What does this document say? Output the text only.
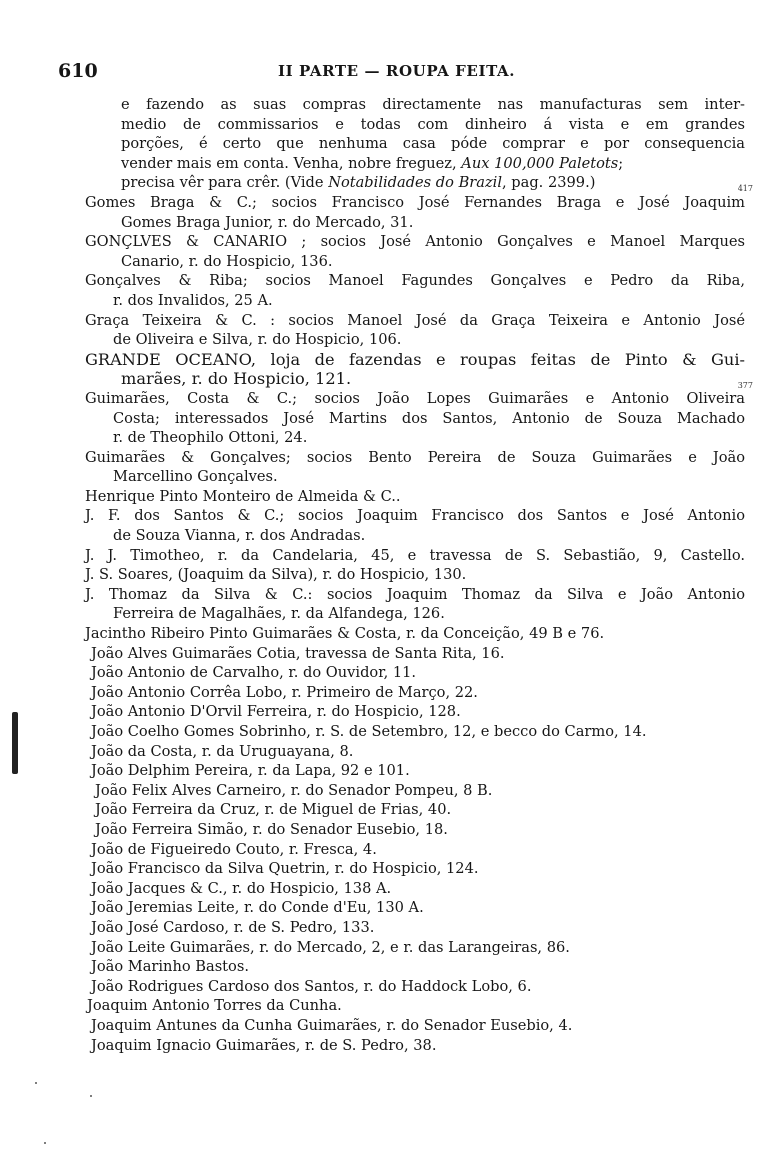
610	II PARTE — ROUPA FEITA.
e fazendo as suas compras directamente nas manufacturas sem inter-
medio de commissarios e todas com dinheiro á vista e em grandes
porções, é certo que nenhuma casa póde comprar e por consequencia
vender mais em conta. Venha, nobre freguez, Aux 100,000 Paletots;
precisa vêr para crêr. (Vide Notabilidades do Brazil, pag. 2399.)	417
Gomes Braga & C.; socios Francisco José Fernandes Braga e José Joaquim
Gomes Braga Junior, r. do Mercado, 31.
GONÇLVES & CANARIO ; socios José Antonio Gonçalves e Manoel Marques
Canario, r. do Hospicio, 136.
Gonçalves & Riba; socios Manoel Fagundes Gonçalves e Pedro da Riba,
r. dos Invalidos, 25 A.
Graça Teixeira & C. : socios Manoel José da Graça Teixeira e Antonio José
de Oliveira e Silva, r. do Hospicio, 106.
GRANDE OCEANO, loja de fazendas e roupas feitas de Pinto & Gui-
marães, r. do Hospicio, 121.	377
Guimarães, Costa & C.; socios João Lopes Guimarães e Antonio Oliveira
Costa; interessados José Martins dos Santos, Antonio de Souza Machado
r. de Theophilo Ottoni, 24.
Guimarães & Gonçalves; socios Bento Pereira de Souza Guimarães e João
Marcellino Gonçalves.
Henrique Pinto Monteiro de Almeida & C..
J. F. dos Santos & C.; socios Joaquim Francisco dos Santos e José Antonio
de Souza Vianna, r. dos Andradas.
J. J. Timotheo, r. da Candelaria, 45, e travessa de S. Sebastião, 9, Castello.
J. S. Soares, (Joaquim da Silva), r. do Hospicio, 130.
J. Thomaz da Silva & C.: socios Joaquim Thomaz da Silva e João Antonio
Ferreira de Magalhães, r. da Alfandega, 126.
Jacintho Ribeiro Pinto Guimarães & Costa, r. da Conceição, 49 B e 76.
João Alves Guimarães Cotia, travessa de Santa Rita, 16.
João Antonio de Carvalho, r. do Ouvidor, 11.
João Antonio Corrêa Lobo, r. Primeiro de Março, 22.
João Antonio D'Orvil Ferreira, r. do Hospicio, 128.
João Coelho Gomes Sobrinho, r. S. de Setembro, 12, e becco do Carmo, 14.
João da Costa, r. da Uruguayana, 8.
João Delphim Pereira, r. da Lapa, 92 e 101.
João Felix Alves Carneiro, r. do Senador Pompeu, 8 B.
João Ferreira da Cruz, r. de Miguel de Frias, 40.
João Ferreira Simão, r. do Senador Eusebio, 18.
João de Figueiredo Couto, r. Fresca, 4.
João Francisco da Silva Quetrin, r. do Hospicio, 124.
João Jacques & C., r. do Hospicio, 138 A.
João Jeremias Leite, r. do Conde d'Eu, 130 A.
João José Cardoso, r. de S. Pedro, 133.
João Leite Guimarães, r. do Mercado, 2, e r. das Larangeiras, 86.
João Marinho Bastos.
João Rodrigues Cardoso dos Santos, r. do Haddock Lobo, 6.
Joaquim Antonio Torres da Cunha.
Joaquim Antunes da Cunha Guimarães, r. do Senador Eusebio, 4.
Joaquim Ignacio Guimarães, r. de S. Pedro, 38.
